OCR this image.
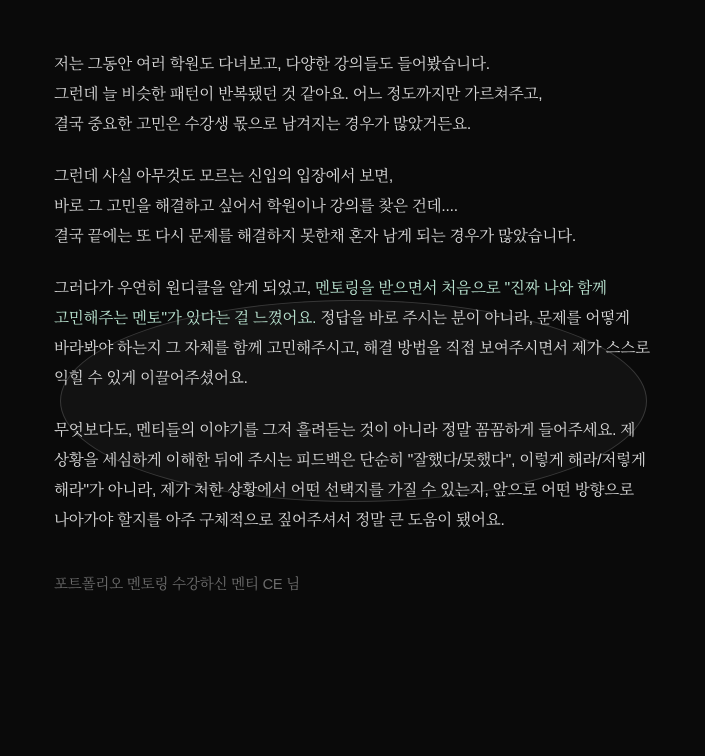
저는 그동안 여러 학원도 다녀보고, 다양한 강의들도 들어봤습니다.
그런데 늘 비슷한 패턴이 반복됐던 것 같아요. 어느 정도까지만 가르쳐주고,
결국 중요한 고민은 수강생 몫으로 남겨지는 경우가 많았거든요.

그런데 사실 아무것도 모르는 신입의 입장에서 보면,
바로 그 고민을 해결하고 싶어서 학원이나 강의를 찾은 건데....
결국 끝에는 또 다시 문제를 해결하지 못한채 혼자 남게 되는 경우가 많았습니다.

그러다가 우연히 원디클을 알게 되었고, 멘토링을 받으면서 처음으로 "진짜 나와 함께 고민해주는 멘토"가 있다는 걸 느꼈어요. 정답을 바로 주시는 분이 아니라, 문제를 어떻게 바라봐야 하는지 그 자체를 함께 고민해주시고, 해결 방법을 직접 보여주시면서 제가 스스로 익힐 수 있게 이끌어주셨어요.

무엇보다도, 멘티들의 이야기를 그저 흘려듣는 것이 아니라 정말 꼼꼼하게 들어주세요. 제 상황을 세심하게 이해한 뒤에 주시는 피드백은 단순히 "잘했다/못했다", 이렇게 해라/저렇게 해라"가 아니라, 제가 처한 상황에서 어떤 선택지를 가질 수 있는지, 앞으로 어떤 방향으로 나아가야 할지를 아주 구체적으로 짚어주셔서 정말 큰 도움이 됐어요.

포트폴리오 멘토링 수강하신 멘티 CE 님
